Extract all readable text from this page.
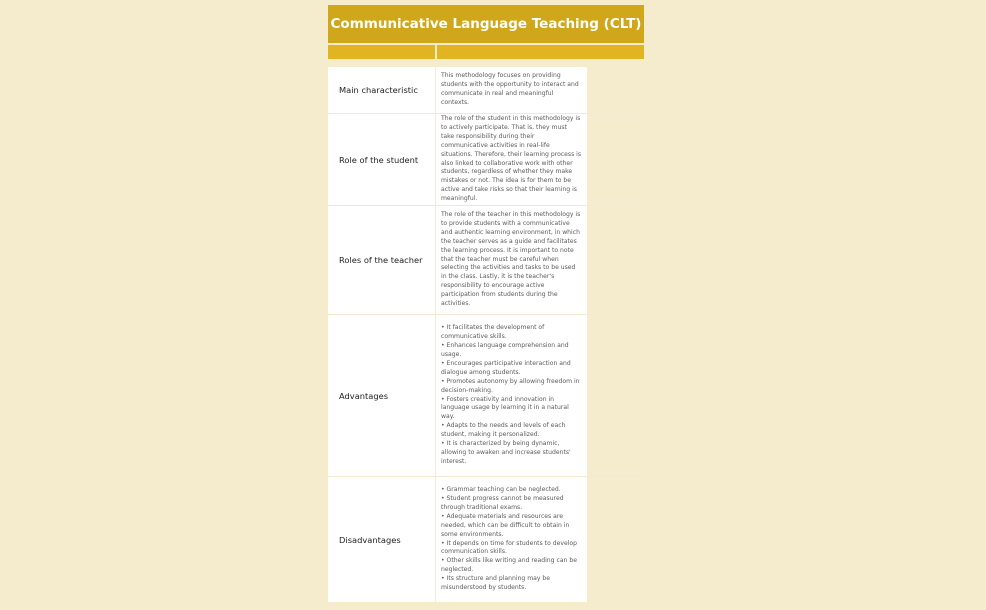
Communicative Language Teaching (CLT)
Main characteristic
This methodology focuses on providing students with the opportunity to interact and communicate in real and meaningful contexts.
Role of the student
The role of the student in this methodology is to actively participate. That is, they must take responsibility during their communicative activities in real-life situations. Therefore, their learning process is also linked to collaborative work with other students, regardless of whether they make mistakes or not. The idea is for them to be active and take risks so that their learning is meaningful.
Roles of the teacher
The role of the teacher in this methodology is to provide students with a communicative and authentic learning environment, in which the teacher serves as a guide and facilitates the learning process. It is important to note that the teacher must be careful when selecting the activities and tasks to be used in the class. Lastly, it is the teacher's responsibility to encourage active participation from students during the activities.
Advantages
• It facilitates the development of communicative skills.
• Enhances language comprehension and usage.
• Encourages participative interaction and dialogue among students.
• Promotes autonomy by allowing freedom in decision-making.
• Fosters creativity and innovation in language usage by learning it in a natural way.
• Adapts to the needs and levels of each student, making it personalized.
• It is characterized by being dynamic, allowing to awaken and increase students' interest.
Disadvantages
• Grammar teaching can be neglected.
• Student progress cannot be measured through traditional exams.
• Adequate materials and resources are needed, which can be difficult to obtain in some environments.
• It depends on time for students to develop communication skills.
• Other skills like writing and reading can be neglected.
• Its structure and planning may be misunderstood by students.
